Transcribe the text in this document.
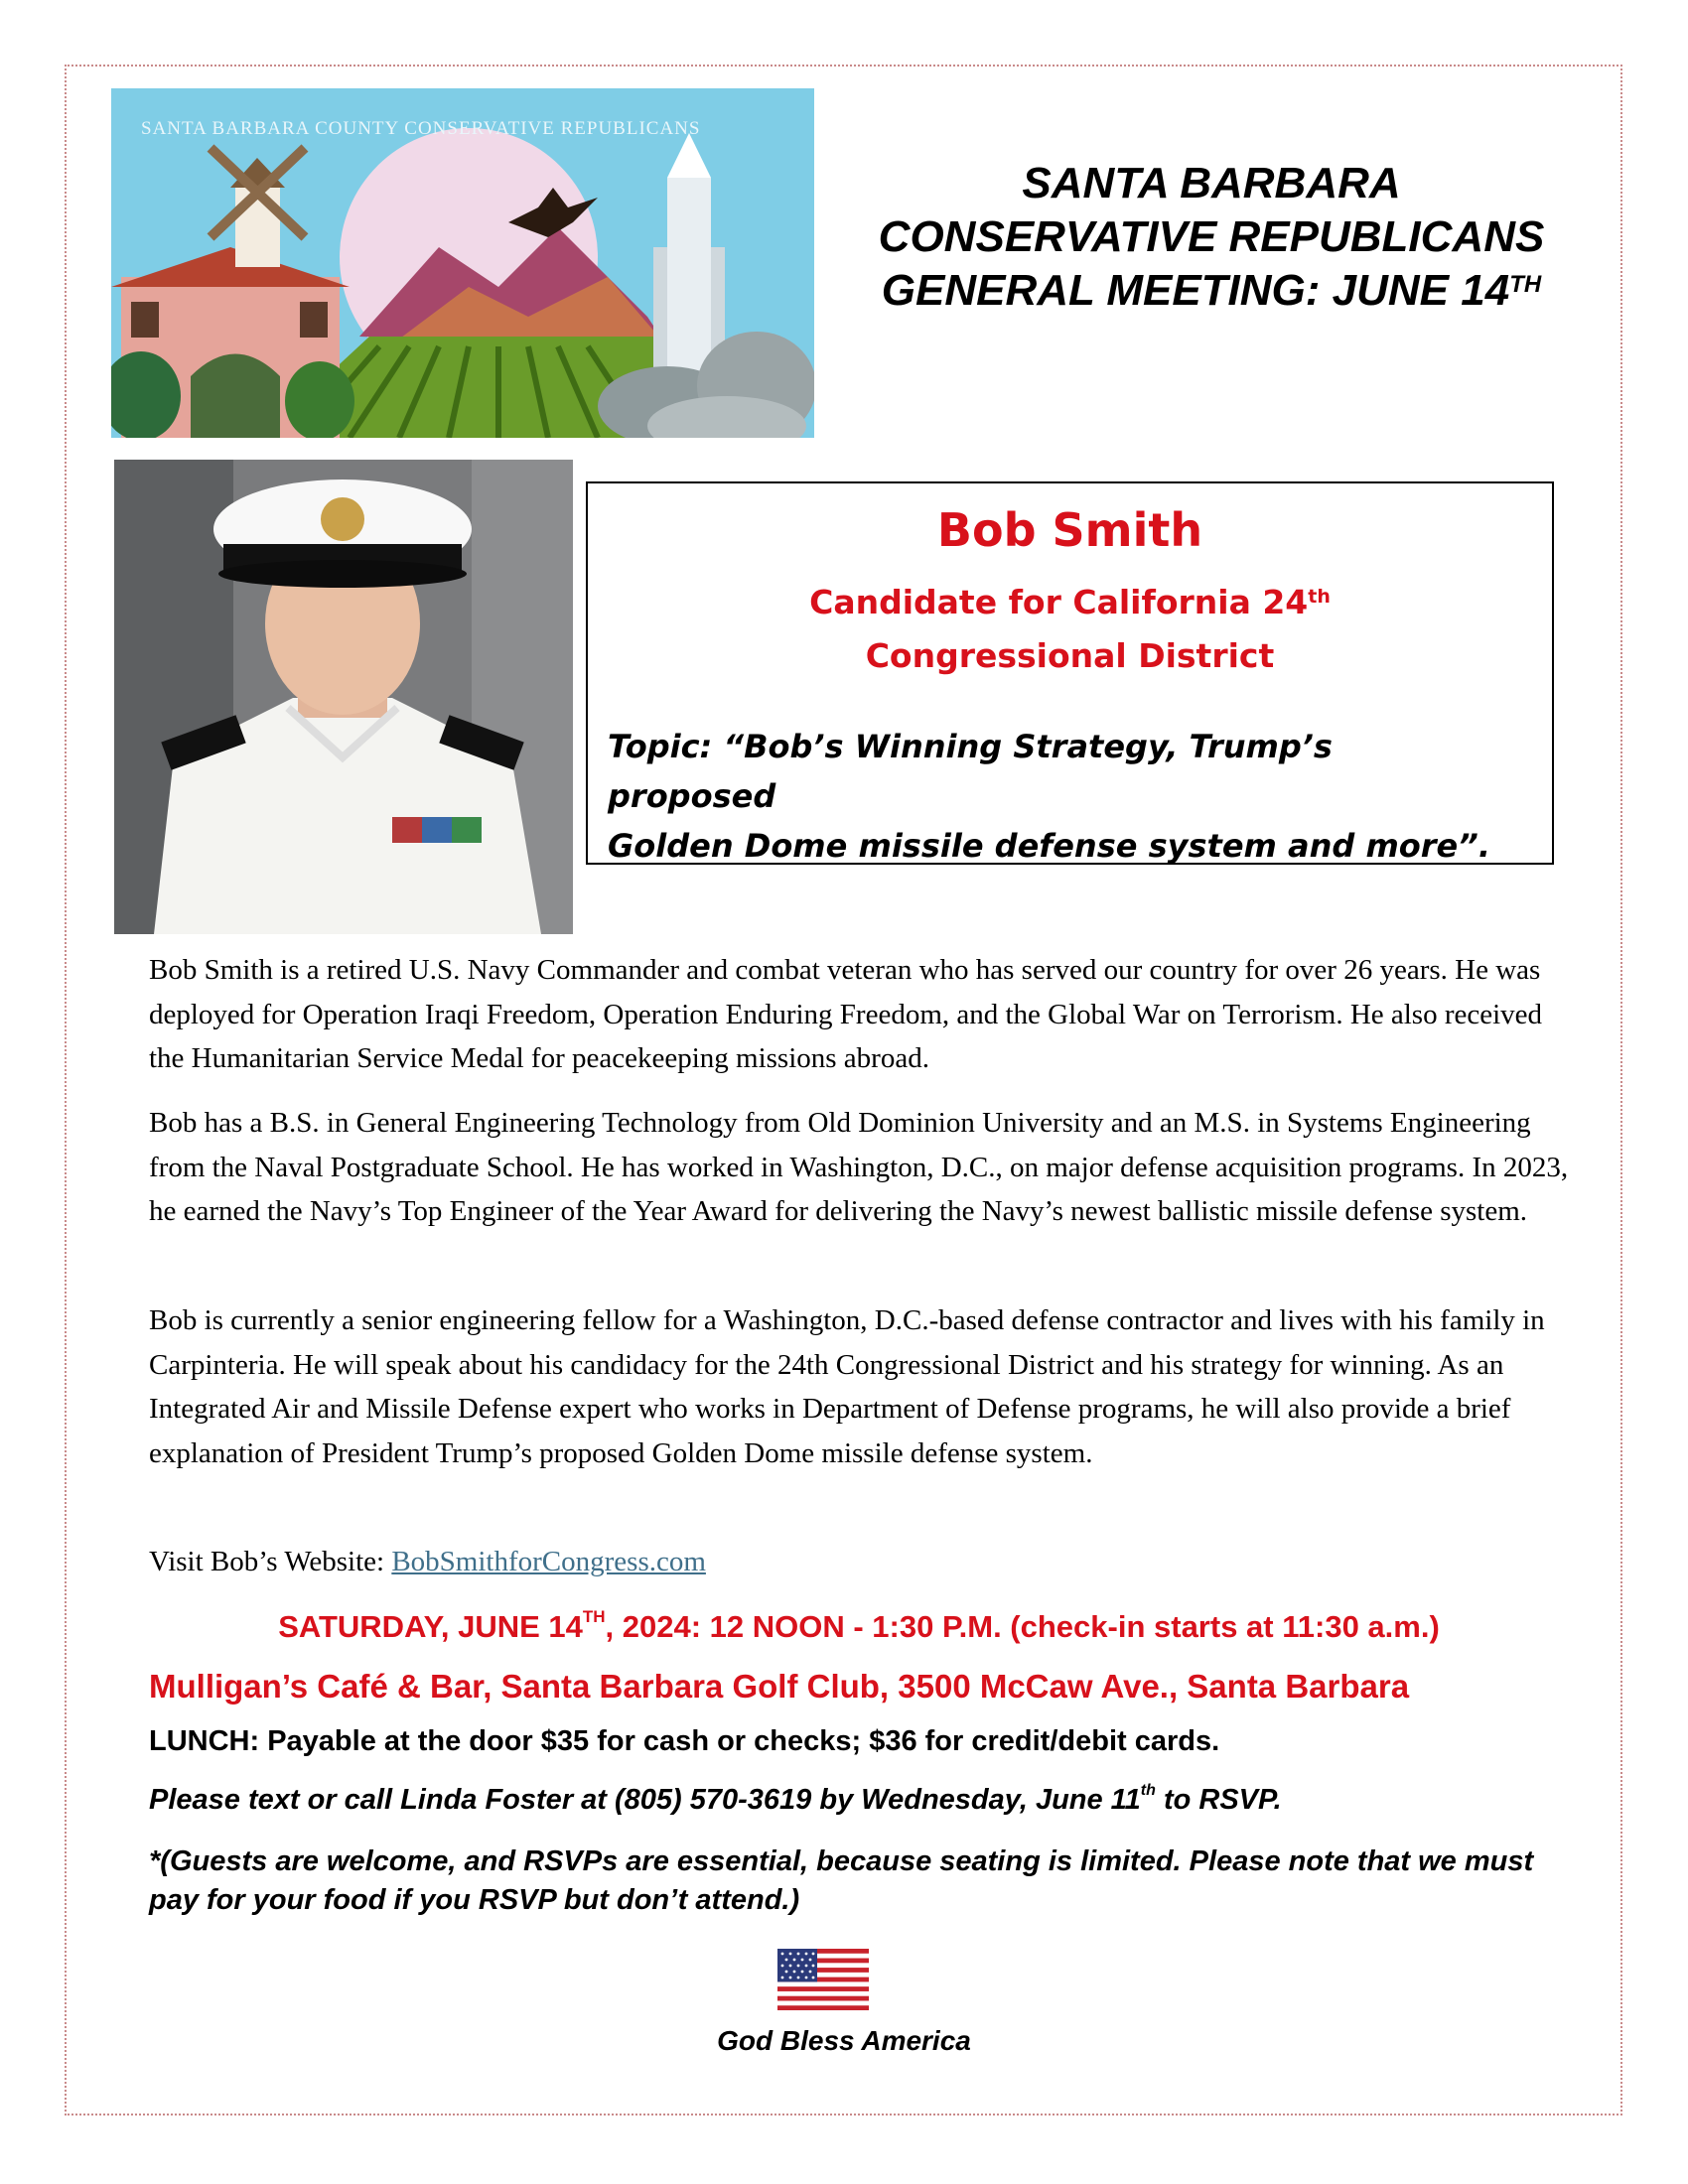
SANTA BARBARA COUNTY CONSERVATIVE REPUBLICANS
SANTA BARBARA
CONSERVATIVE REPUBLICANS
GENERAL MEETING: JUNE 14TH
Bob Smith
Candidate for California 24th
Congressional District
Topic: “Bob’s Winning Strategy, Trump’s proposed
Golden Dome missile defense system and more”.
Bob Smith is a retired U.S. Navy Commander and combat veteran who has served our country for over 26 years. He was deployed for Operation Iraqi Freedom, Operation Enduring Freedom, and the Global War on Terrorism. He also received the Humanitarian Service Medal for peacekeeping missions abroad.
Bob has a B.S. in General Engineering Technology from Old Dominion University and an M.S. in Systems Engineering from the Naval Postgraduate School. He has worked in Washington, D.C., on major defense acquisition programs. In 2023, he earned the Navy’s Top Engineer of the Year Award for delivering the Navy’s newest ballistic missile defense system.
Bob is currently a senior engineering fellow for a Washington, D.C.-based defense contractor and lives with his family in Carpinteria. He will speak about his candidacy for the 24th Congressional District and his strategy for winning. As an Integrated Air and Missile Defense expert who works in Department of Defense programs, he will also provide a brief explanation of President Trump’s proposed Golden Dome missile defense system.
Visit Bob’s Website: BobSmithforCongress.com
SATURDAY, JUNE 14TH, 2024: 12 NOON - 1:30 P.M. (check-in starts at 11:30 a.m.)
Mulligan’s Café & Bar, Santa Barbara Golf Club, 3500 McCaw Ave., Santa Barbara
LUNCH: Payable at the door $35 for cash or checks; $36 for credit/debit cards.
Please text or call Linda Foster at (805) 570-3619 by Wednesday, June 11th to RSVP.
*(Guests are welcome, and RSVPs are essential, because seating is limited. Please note that we must pay for your food if you RSVP but don’t attend.)
God Bless America
